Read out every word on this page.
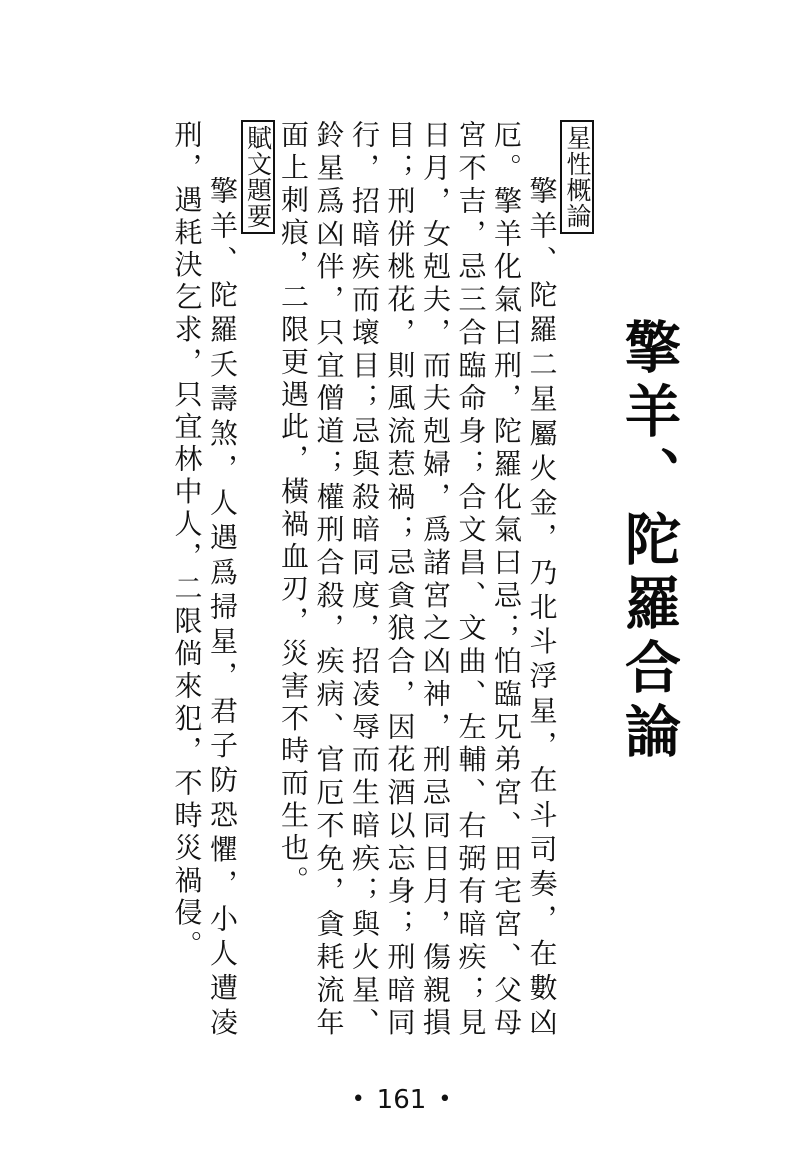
擎羊、陀羅合論

星性概論

擎羊、陀羅二星屬火金，乃北斗浮星，在斗司奏，在數凶厄。擎羊化氣曰刑，陀羅化氣曰忌；怕臨兄弟宮、田宅宮、父母宮不吉，忌三合臨命身；合文昌、文曲、左輔、右弼有暗疾；見日月，女剋夫，而夫剋婦，爲諸宮之凶神，刑忌同日月，傷親損目；刑併桃花，則風流惹禍；忌貪狼合，因花酒以忘身；刑暗同行，招暗疾而壞目；忌與殺暗同度，招凌辱而生暗疾；與火星、鈴星爲凶伴，只宜僧道；權刑合殺，疾病、官厄不免，貪耗流年面上刺痕，二限更遇此，橫禍血刃，災害不時而生也。

賦文題要

擎羊、陀羅夭壽煞，人遇爲掃星，君子防恐懼，小人遭凌刑，遇耗決乞求，只宜林中人，二限倘來犯，不時災禍侵。

• 161 •
